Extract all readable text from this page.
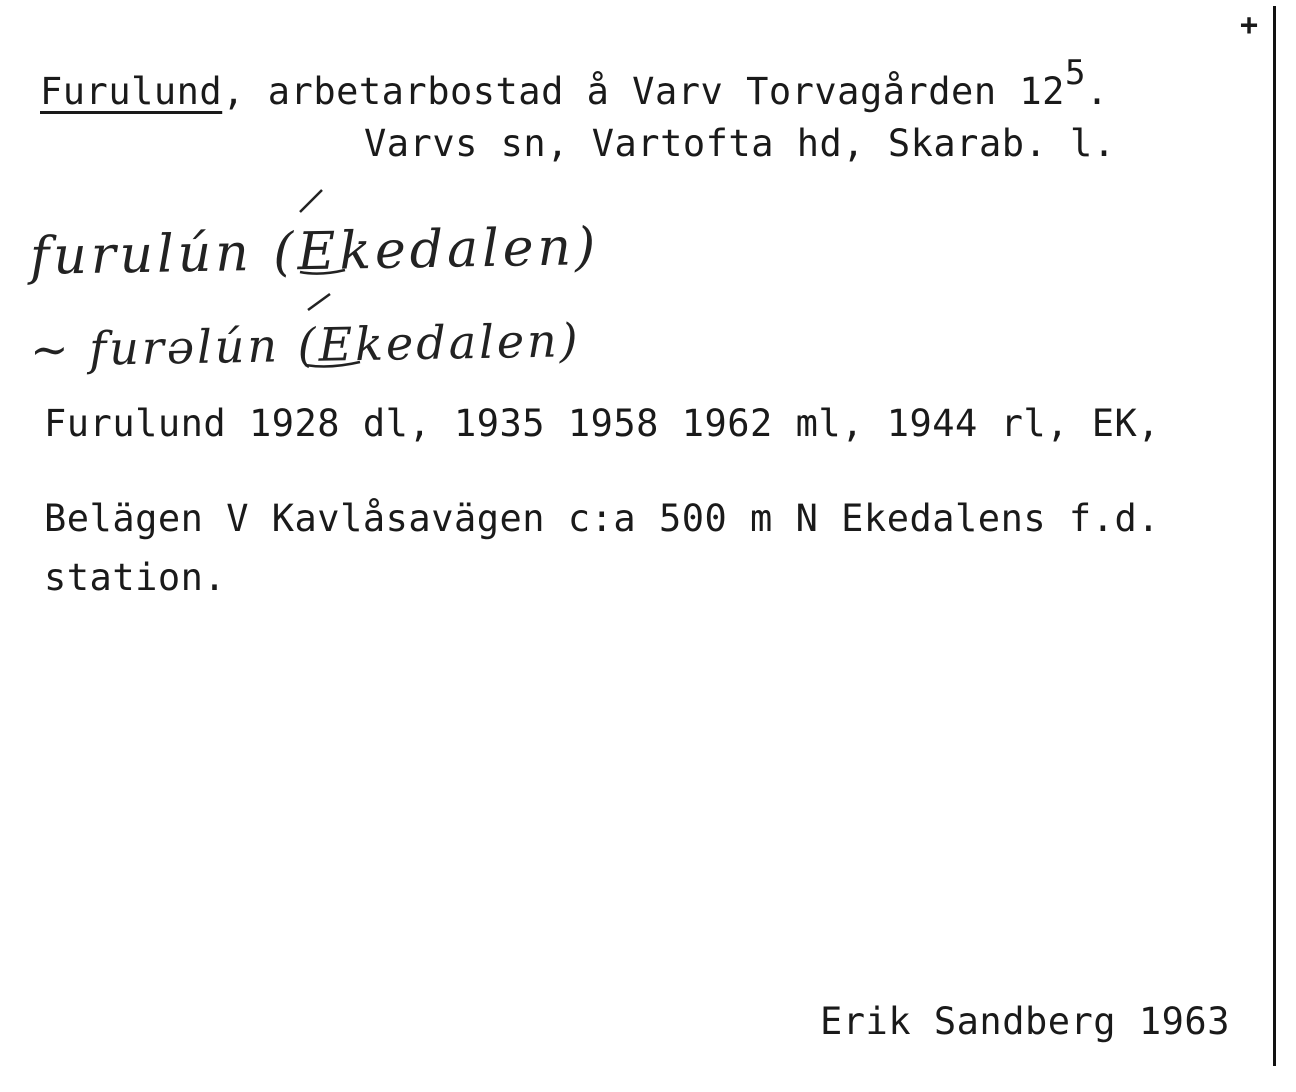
+
Furulund, arbetarbostad å Varv Torvagården 125.
Varvs sn, Vartofta hd, Skarab. l.
furulún (Ekedalen)
~ furəlún (Ekedalen)
Furulund 1928 dl, 1935 1958 1962 ml, 1944 rl, EK,
Belägen V Kavlåsavägen c:a 500 m N Ekedalens f.d.
station.
Erik Sandberg 1963
